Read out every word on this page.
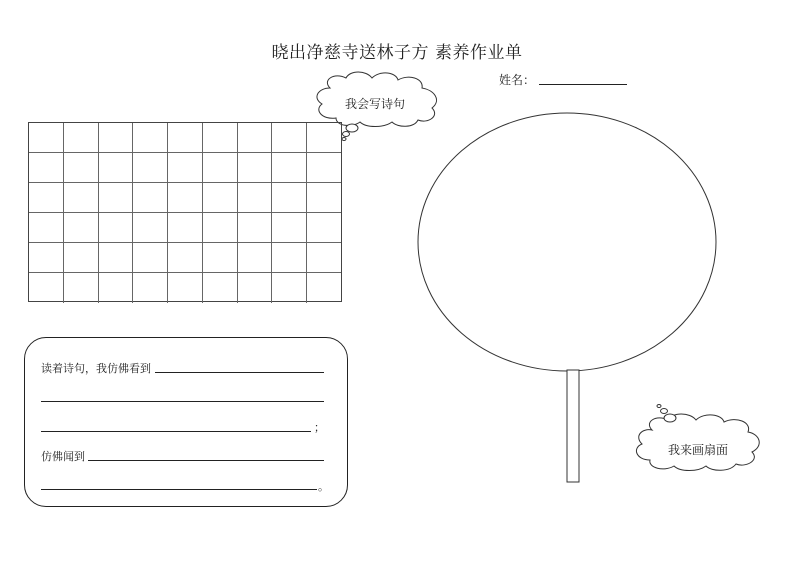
晓出净慈寺送林子方 素养作业单
姓名：
我会写诗句
我来画扇面
读着诗句，我仿佛看到
；
仿佛闻到
。
